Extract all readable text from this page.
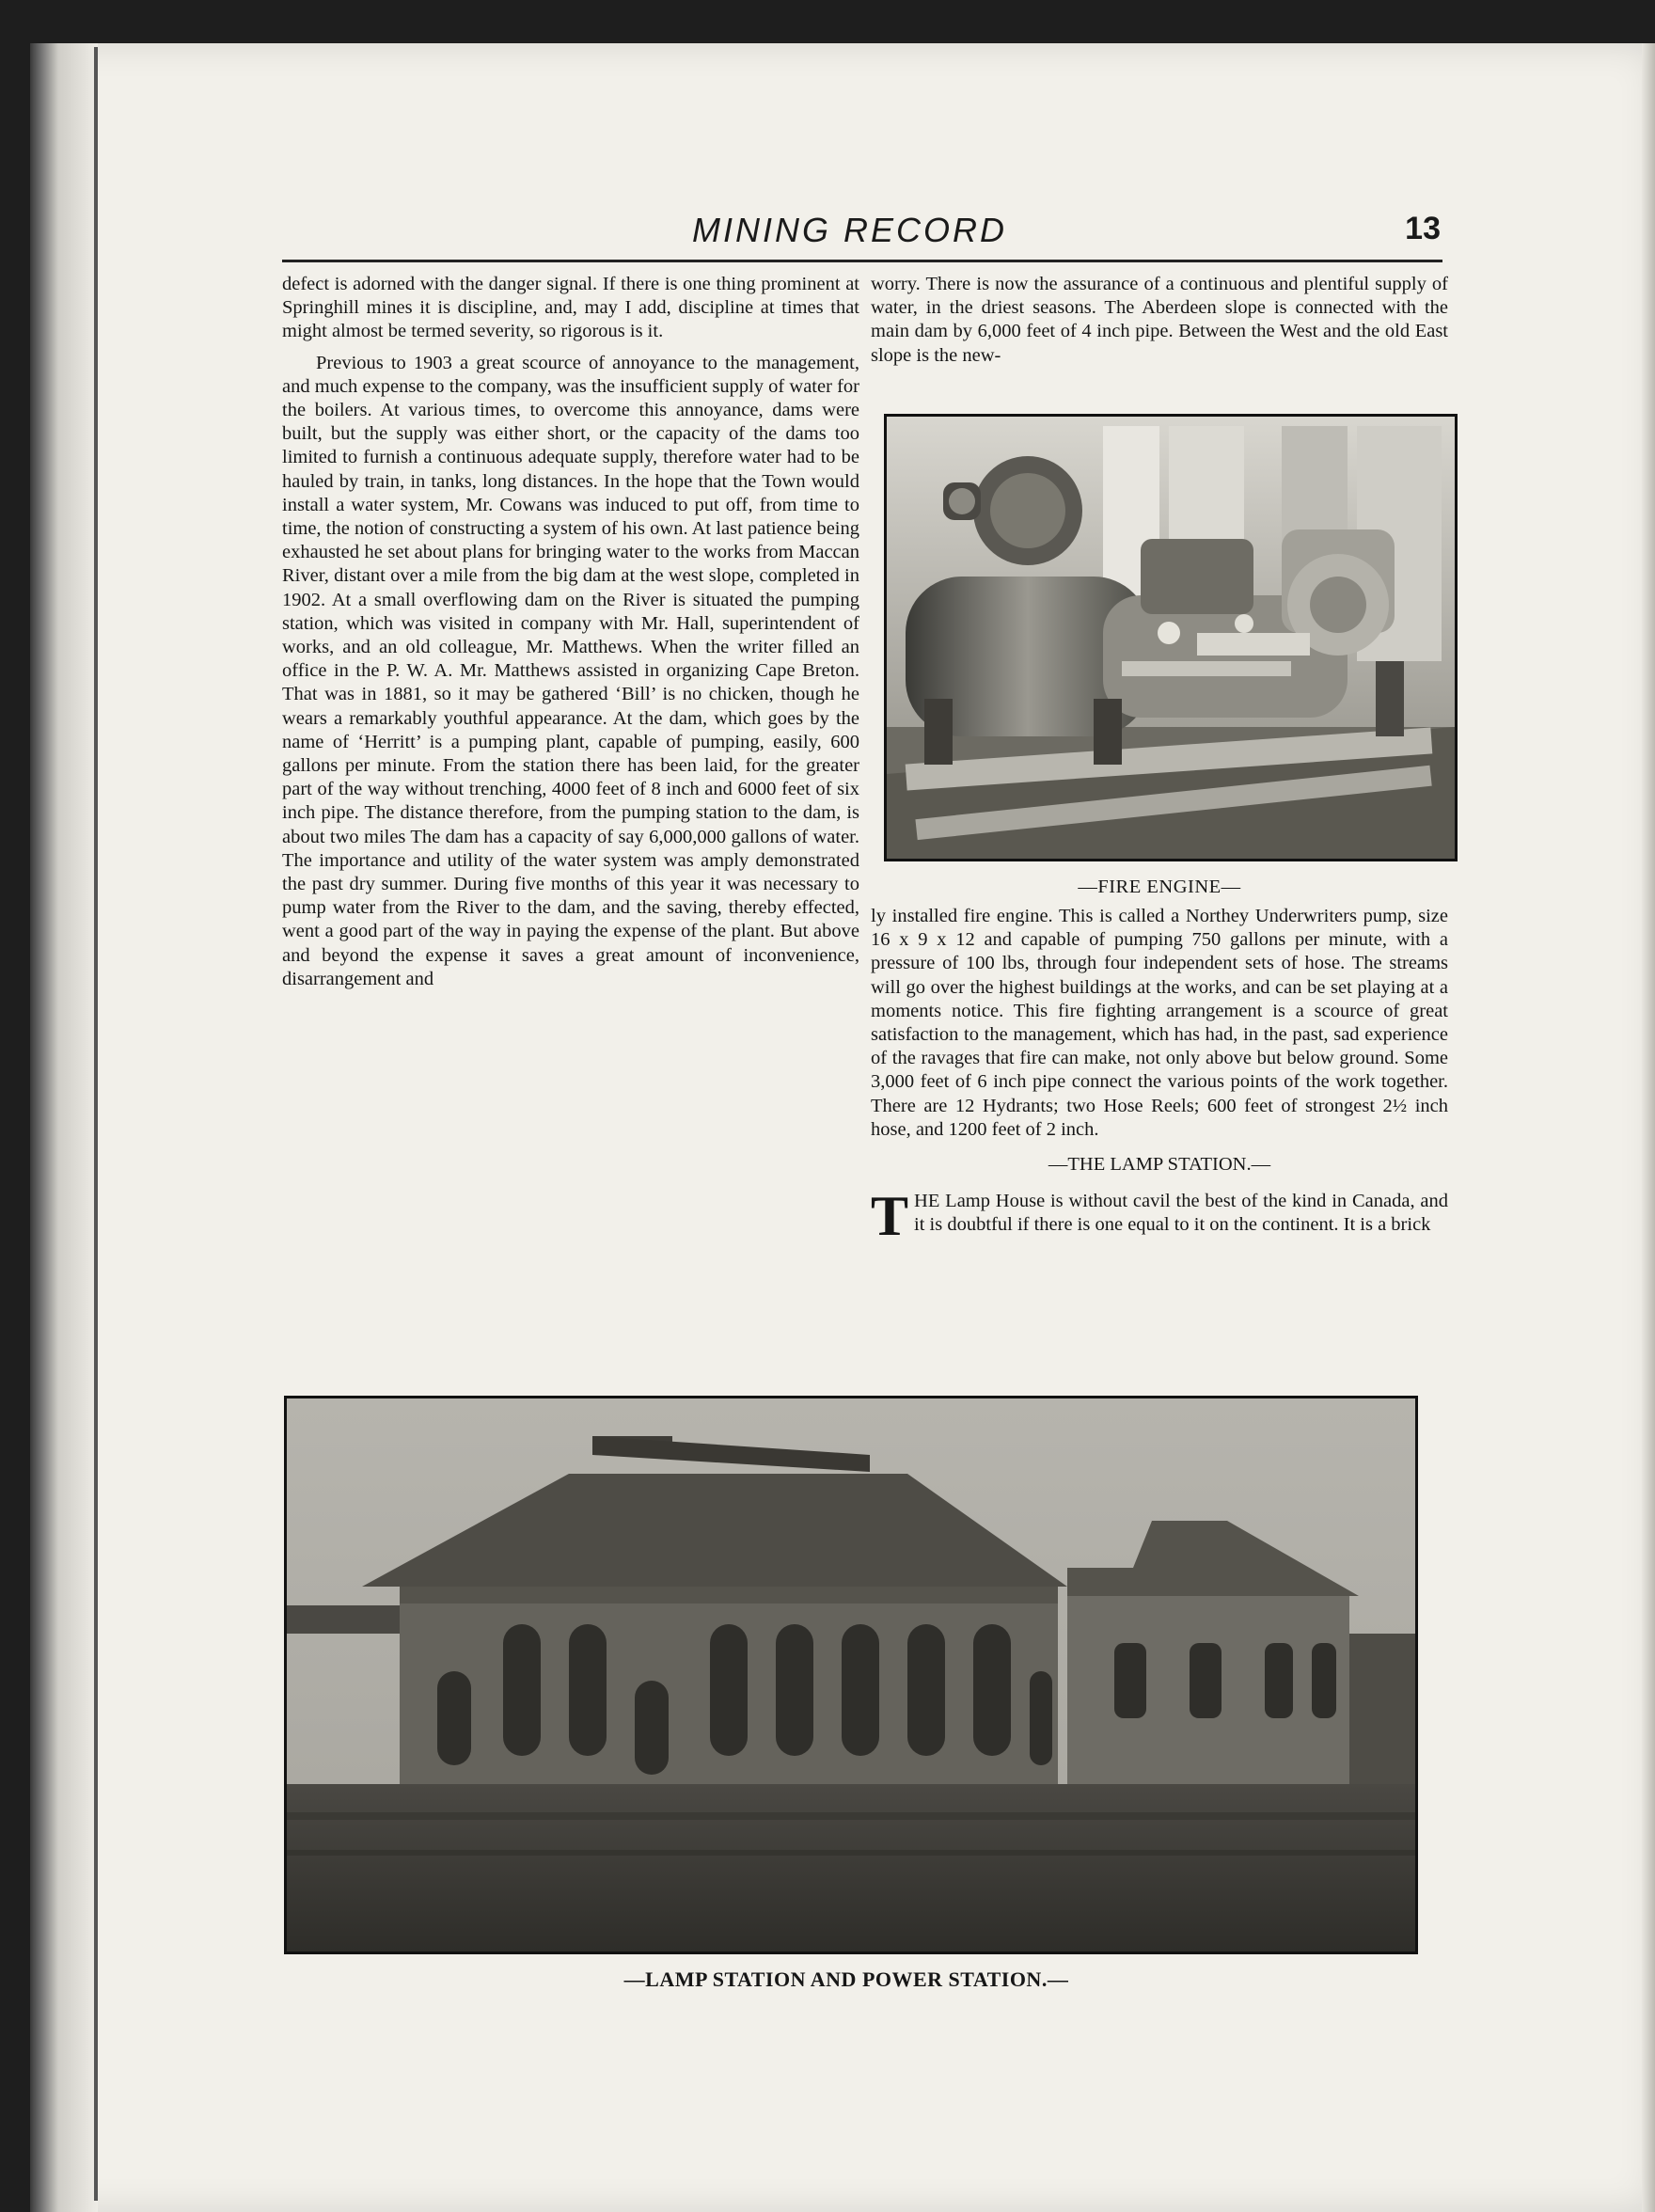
MINING RECORD	13

defect is adorned with the danger signal. If there is one thing prominent at Springhill mines it is discipline, and, may I add, discipline at times that might almost be termed severity, so rigorous is it.

Previous to 1903 a great scource of annoyance to the management, and much expense to the company, was the insufficient supply of water for the boilers. At various times, to overcome this annoyance, dams were built, but the supply was either short, or the capacity of the dams too limited to furnish a continuous adequate supply, therefore water had to be hauled by train, in tanks, long distances. In the hope that the Town would install a water system, Mr. Cowans was induced to put off, from time to time, the notion of constructing a system of his own. At last patience being exhausted he set about plans for bringing water to the works from Maccan River, distant over a mile from the big dam at the west slope, completed in 1902. At a small overflowing dam on the River is situated the pumping station, which was visited in company with Mr. Hall, superintendent of works, and an old colleague, Mr. Matthews. When the writer filled an office in the P. W. A. Mr. Matthews assisted in organizing Cape Breton. That was in 1881, so it may be gathered ‘Bill’ is no chicken, though he wears a remarkably youthful appearance. At the dam, which goes by the name of ‘Herritt’ is a pumping plant, capable of pumping, easily, 600 gallons per minute. From the station there has been laid, for the greater part of the way without trenching, 4000 feet of 8 inch and 6000 feet of six inch pipe. The distance therefore, from the pumping station to the dam, is about two miles The dam has a capacity of say 6,000,000 gallons of water. The importance and utility of the water system was amply demonstrated the past dry summer. During five months of this year it was necessary to pump water from the River to the dam, and the saving, thereby effected, went a good part of the way in paying the expense of the plant. But above and beyond the expense it saves a great amount of inconvenience, disarrangement and

worry. There is now the assurance of a continuous and plentiful supply of water, in the driest seasons. The Aberdeen slope is connected with the main dam by 6,000 feet of 4 inch pipe. Between the West and the old East slope is the new-

—FIRE ENGINE—

ly installed fire engine. This is called a Northey Underwriters pump, size 16 x 9 x 12 and capable of pumping 750 gallons per minute, with a pressure of 100 lbs, through four independent sets of hose. The streams will go over the highest buildings at the works, and can be set playing at a moments notice. This fire fighting arrangement is a scource of great satisfaction to the management, which has had, in the past, sad experience of the ravages that fire can make, not only above but below ground. Some 3,000 feet of 6 inch pipe connect the various points of the work together. There are 12 Hydrants; two Hose Reels; 600 feet of strongest 2½ inch hose, and 1200 feet of 2 inch.

—THE LAMP STATION.—

THE Lamp House is without cavil the best of the kind in Canada, and it is doubtful if there is one equal to it on the continent. It is a brick

—LAMP STATION AND POWER STATION.—
